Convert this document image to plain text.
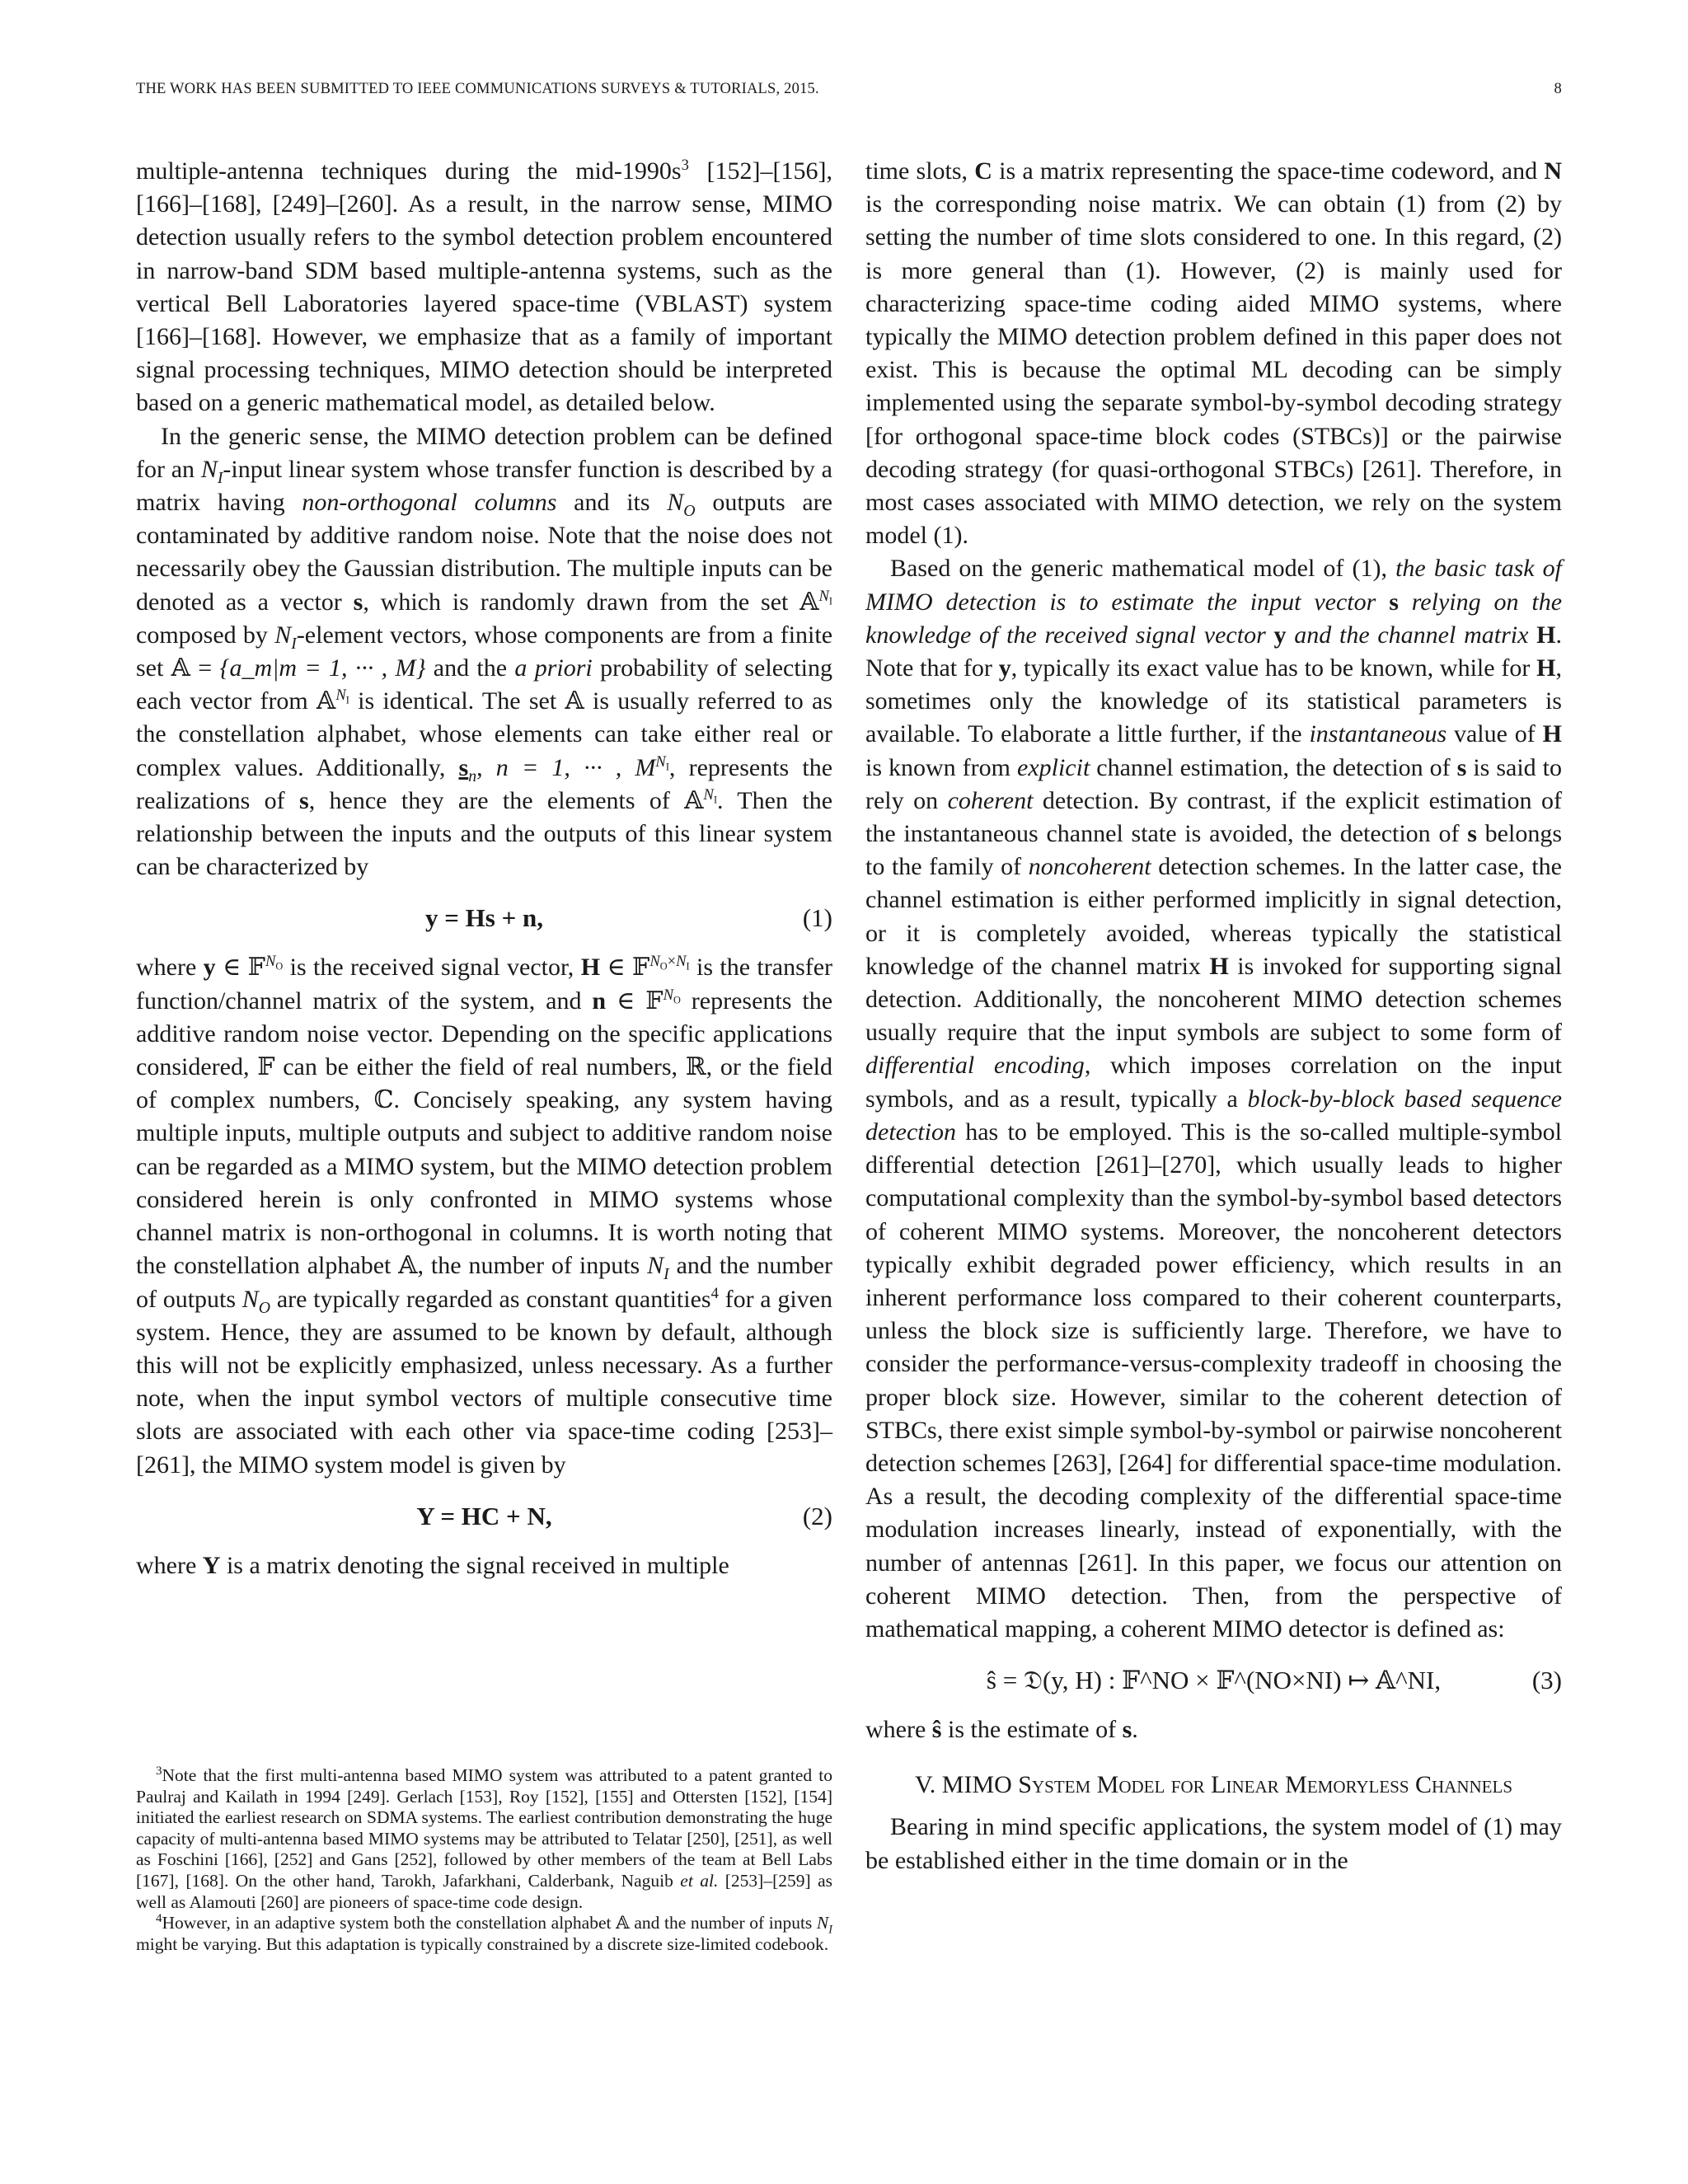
THE WORK HAS BEEN SUBMITTED TO IEEE COMMUNICATIONS SURVEYS & TUTORIALS, 2015.	8

multiple-antenna techniques during the mid-$1990s^3$ [152]–[156], [166]–[168], [249]–[260]. As a result, in the narrow sense, MIMO detection usually refers to the symbol detection problem encountered in narrow-band SDM based multiple-antenna systems, such as the vertical Bell Laboratories layered space-time (VBLAST) system [166]–[168]. However, we emphasize that as a family of important signal processing techniques, MIMO detection should be interpreted based on a generic mathematical model, as detailed below.

In the generic sense, the MIMO detection problem can be defined for an $N_I$-input linear system whose transfer function is described by a matrix having non-orthogonal columns and its $N_O$ outputs are contaminated by additive random noise. Note that the noise does not necessarily obey the Gaussian distribution. The multiple inputs can be denoted as a vector s, which is randomly drawn from the set 𝔸$^{N_I}$ composed by $N_I$-element vectors, whose components are from a finite set 𝔸 = {a_m|m = 1, ··· , M} and the a priori probability of selecting each vector from 𝔸$^{N_I}$ is identical. The set 𝔸 is usually referred to as the constellation alphabet, whose elements can take either real or complex values. Additionally, $s_n$, n = 1, ··· , $M^{N_I}$, represents the realizations of s, hence they are the elements of 𝔸$^{N_I}$. Then the relationship between the inputs and the outputs of this linear system can be characterized by

y = Hs + n,	(1)

where y ∈ 𝔽$^{N_O}$ is the received signal vector, H ∈ 𝔽$^{N_O\times N_I}$ is the transfer function/channel matrix of the system, and n ∈ 𝔽$^{N_O}$ represents the additive random noise vector. Depending on the specific applications considered, 𝔽 can be either the field of real numbers, ℝ, or the field of complex numbers, ℂ. Concisely speaking, any system having multiple inputs, multiple outputs and subject to additive random noise can be regarded as a MIMO system, but the MIMO detection problem considered herein is only confronted in MIMO systems whose channel matrix is non-orthogonal in columns. It is worth noting that the constellation alphabet 𝔸, the number of inputs $N_I$ and the number of outputs $N_O$ are typically regarded as constant quantities$^4$ for a given system. Hence, they are assumed to be known by default, although this will not be explicitly emphasized, unless necessary. As a further note, when the input symbol vectors of multiple consecutive time slots are associated with each other via space-time coding [253]–[261], the MIMO system model is given by

Y = HC + N,	(2)

where Y is a matrix denoting the signal received in multiple

$^3$Note that the first multi-antenna based MIMO system was attributed to a patent granted to Paulraj and Kailath in 1994 [249]. Gerlach [153], Roy [152], [155] and Ottersten [152], [154] initiated the earliest research on SDMA systems. The earliest contribution demonstrating the huge capacity of multi-antenna based MIMO systems may be attributed to Telatar [250], [251], as well as Foschini [166], [252] and Gans [252], followed by other members of the team at Bell Labs [167], [168]. On the other hand, Tarokh, Jafarkhani, Calderbank, Naguib et al. [253]–[259] as well as Alamouti [260] are pioneers of space-time code design.

$^4$However, in an adaptive system both the constellation alphabet 𝔸 and the number of inputs $N_I$ might be varying. But this adaptation is typically constrained by a discrete size-limited codebook.

time slots, C is a matrix representing the space-time codeword, and N is the corresponding noise matrix. We can obtain (1) from (2) by setting the number of time slots considered to one. In this regard, (2) is more general than (1). However, (2) is mainly used for characterizing space-time coding aided MIMO systems, where typically the MIMO detection problem defined in this paper does not exist. This is because the optimal ML decoding can be simply implemented using the separate symbol-by-symbol decoding strategy [for orthogonal space-time block codes (STBCs)] or the pairwise decoding strategy (for quasi-orthogonal STBCs) [261]. Therefore, in most cases associated with MIMO detection, we rely on the system model (1).

Based on the generic mathematical model of (1), the basic task of MIMO detection is to estimate the input vector s relying on the knowledge of the received signal vector y and the channel matrix H. Note that for y, typically its exact value has to be known, while for H, sometimes only the knowledge of its statistical parameters is available. To elaborate a little further, if the instantaneous value of H is known from explicit channel estimation, the detection of s is said to rely on coherent detection. By contrast, if the explicit estimation of the instantaneous channel state is avoided, the detection of s belongs to the family of noncoherent detection schemes. In the latter case, the channel estimation is either performed implicitly in signal detection, or it is completely avoided, whereas typically the statistical knowledge of the channel matrix H is invoked for supporting signal detection. Additionally, the noncoherent MIMO detection schemes usually require that the input symbols are subject to some form of differential encoding, which imposes correlation on the input symbols, and as a result, typically a block-by-block based sequence detection has to be employed. This is the so-called multiple-symbol differential detection [261]–[270], which usually leads to higher computational complexity than the symbol-by-symbol based detectors of coherent MIMO systems. Moreover, the noncoherent detectors typically exhibit degraded power efficiency, which results in an inherent performance loss compared to their coherent counterparts, unless the block size is sufficiently large. Therefore, we have to consider the performance-versus-complexity tradeoff in choosing the proper block size. However, similar to the coherent detection of STBCs, there exist simple symbol-by-symbol or pairwise noncoherent detection schemes [263], [264] for differential space-time modulation. As a result, the decoding complexity of the differential space-time modulation increases linearly, instead of exponentially, with the number of antennas [261]. In this paper, we focus our attention on coherent MIMO detection. Then, from the perspective of mathematical mapping, a coherent MIMO detector is defined as:

ŝ = 𝔇(y, H) : 𝔽^NO × 𝔽^(NO×NI) ↦ 𝔸^NI,	(3)

where ŝ is the estimate of s.

V. MIMO System Model for Linear Memoryless Channels

Bearing in mind specific applications, the system model of (1) may be established either in the time domain or in the
